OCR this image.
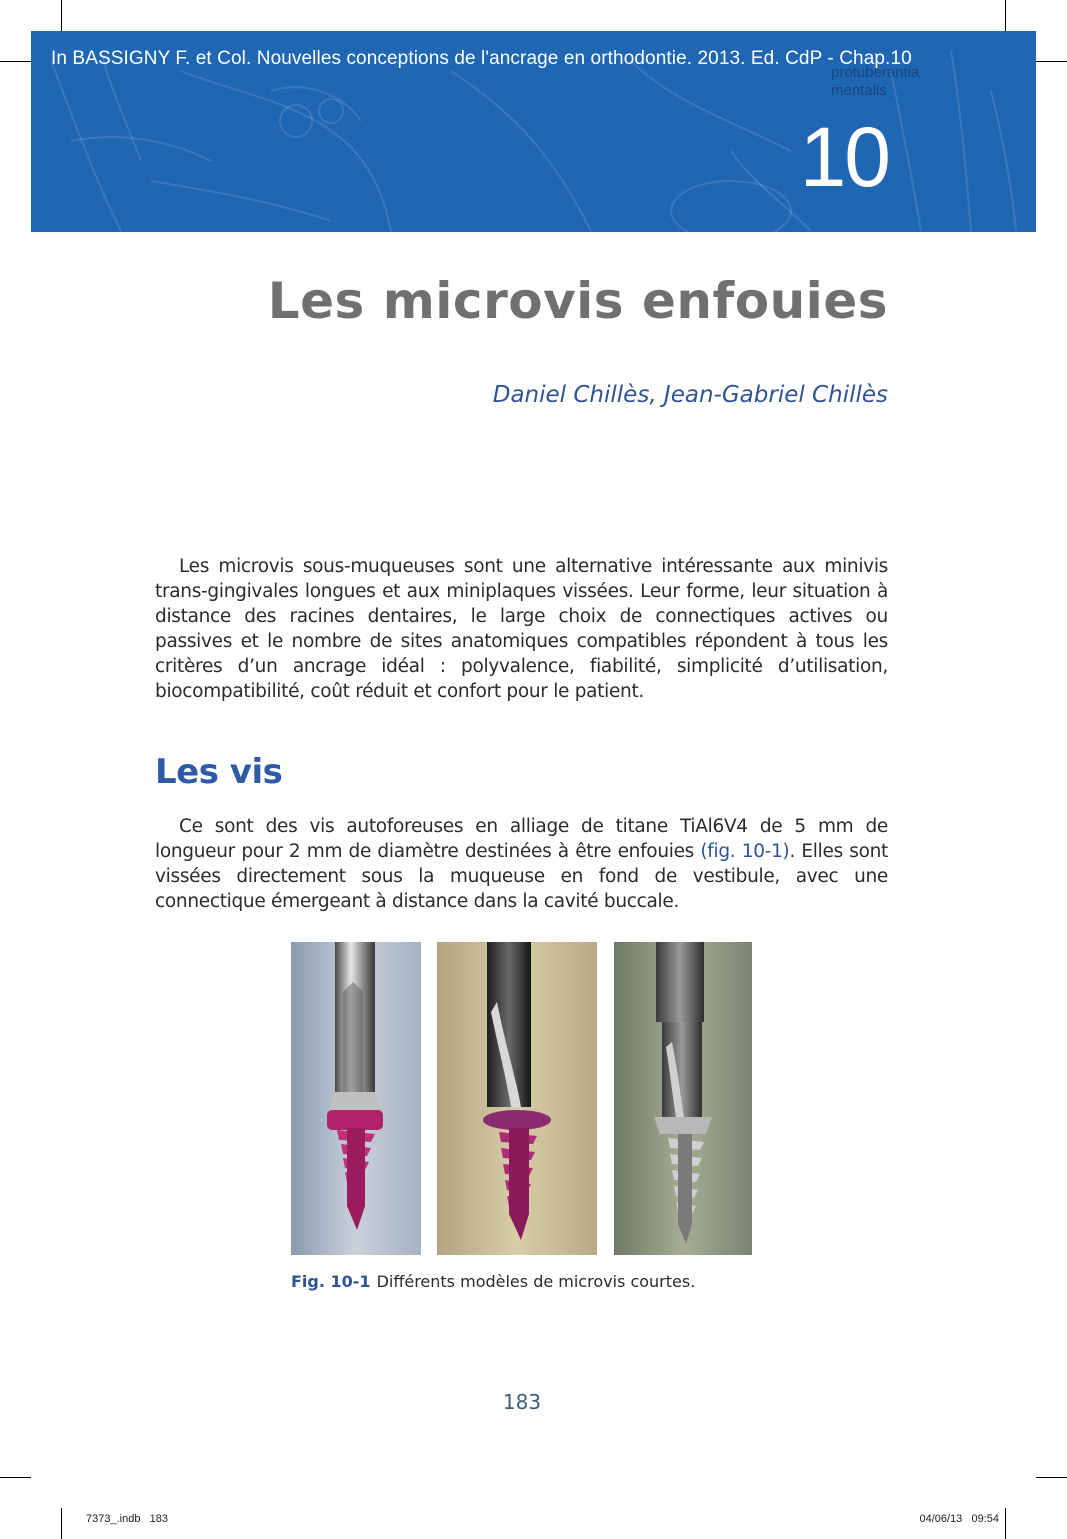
protuberantia
mentalis
In BASSIGNY F. et Col. Nouvelles conceptions de l'ancrage en orthodontie. 2013. Ed. CdP - Chap.10
10
Les microvis enfouies
Daniel Chillès, Jean-Gabriel Chillès

Les microvis sous-muqueuses sont une alternative intéressante aux minivis trans-gingivales longues et aux miniplaques vissées. Leur forme, leur situation à distance des racines dentaires, le large choix de connectiques actives ou passives et le nombre de sites anatomiques compatibles répondent à tous les critères d’un ancrage idéal : polyvalence, fiabilité, simplicité d’utilisation, biocompatibilité, coût réduit et confort pour le patient.

Les vis

Ce sont des vis autoforeuses en alliage de titane TiAl6V4 de 5 mm de longueur pour 2 mm de diamètre destinées à être enfouies (fig. 10-1). Elles sont vissées directement sous la muqueuse en fond de vestibule, avec une connectique émergeant à distance dans la cavité buccale.

Fig. 10-1 Différents modèles de microvis courtes.
183
7373_.indb   183	04/06/13   09:54
